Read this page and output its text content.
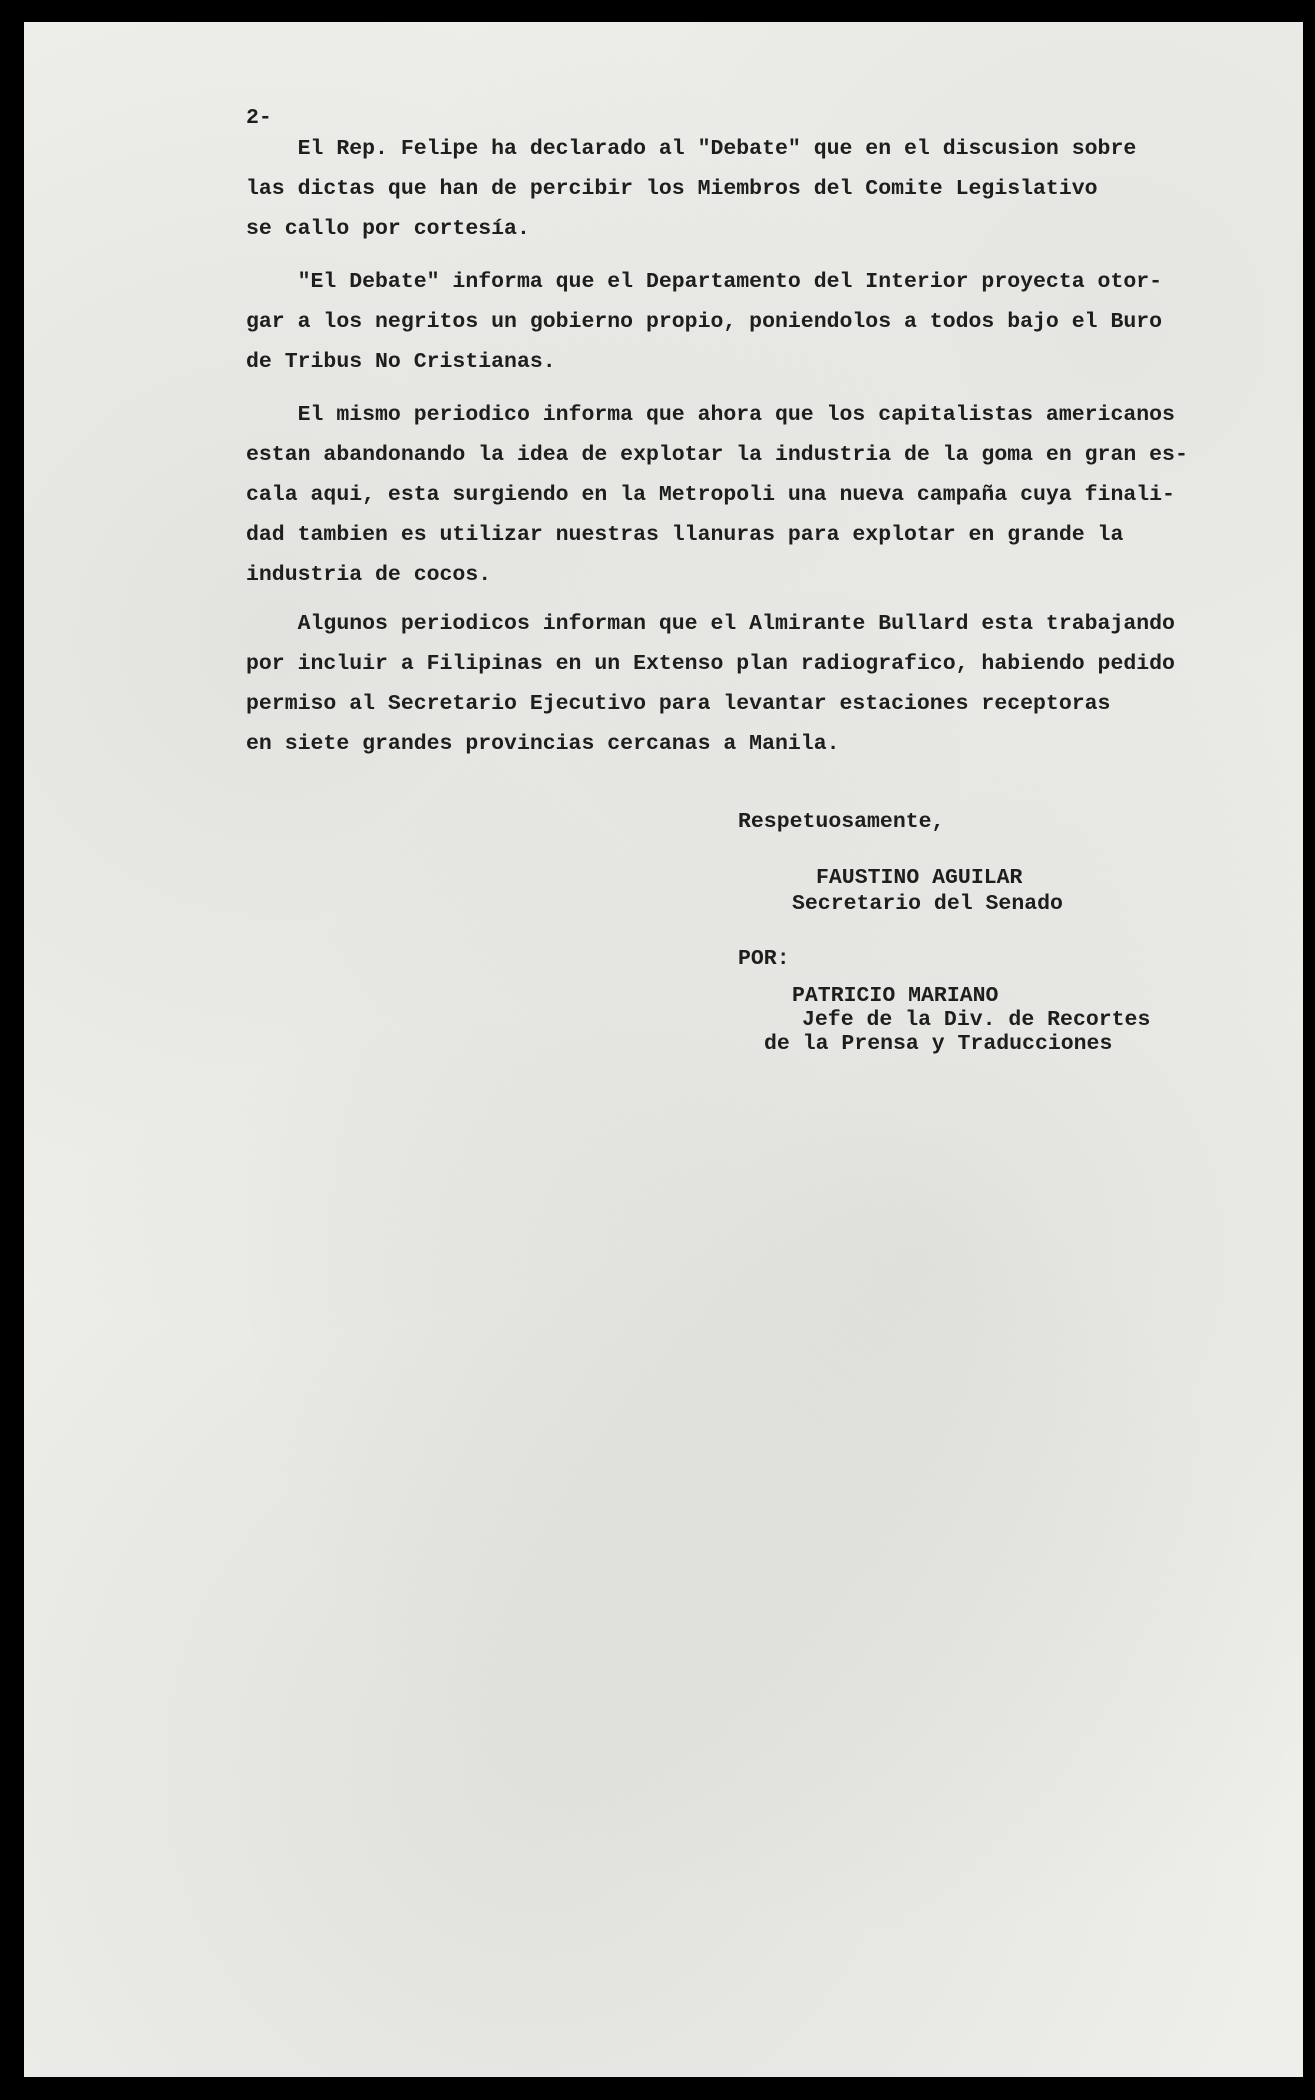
2-

El Rep. Felipe ha declarado al "Debate" que en el discusion sobre
las dictas que han de percibir los Miembros del Comite Legislativo
se callo por cortesía.

"El Debate" informa que el Departamento del Interior proyecta otor-
gar a los negritos un gobierno propio, poniendolos a todos bajo el Buro
de Tribus No Cristianas.

El mismo periodico informa que ahora que los capitalistas americanos
estan abandonando la idea de explotar la industria de la goma en gran es-
cala aqui, esta surgiendo en la Metropoli una nueva campaña cuya finali-
dad tambien es utilizar nuestras llanuras para explotar en grande la
industria de cocos.

Algunos periodicos informan que el Almirante Bullard esta trabajando
por incluir a Filipinas en un Extenso plan radiografico, habiendo pedido
permiso al Secretario Ejecutivo para levantar estaciones receptoras
en siete grandes provincias cercanas a Manila.

Respetuosamente,

FAUSTINO AGUILAR

Secretario del Senado

POR:

PATRICIO MARIANO

Jefe de la Div. de Recortes

de la Prensa y Traducciones
